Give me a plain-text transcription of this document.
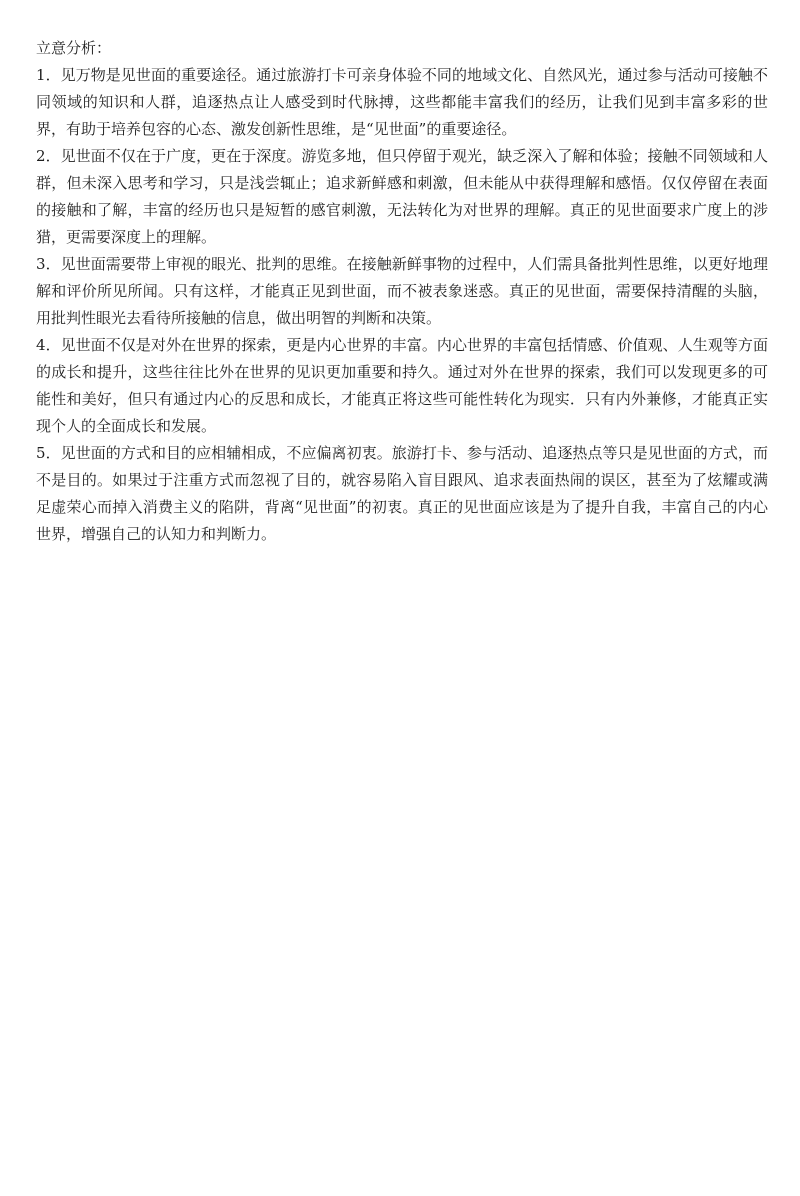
立意分析：

1．见万物是见世面的重要途径。通过旅游打卡可亲身体验不同的地域文化、自然风光，通过参与活动可接触不同领域的知识和人群，追逐热点让人感受到时代脉搏，这些都能丰富我们的经历，让我们见到丰富多彩的世界，有助于培养包容的心态、激发创新性思维，是“见世面”的重要途径。

2．见世面不仅在于广度，更在于深度。游览多地，但只停留于观光，缺乏深入了解和体验；接触不同领域和人群，但未深入思考和学习，只是浅尝辄止；追求新鲜感和刺激，但未能从中获得理解和感悟。仅仅停留在表面的接触和了解，丰富的经历也只是短暂的感官刺激，无法转化为对世界的理解。真正的见世面要求广度上的涉猎，更需要深度上的理解。

3．见世面需要带上审视的眼光、批判的思维。在接触新鲜事物的过程中，人们需具备批判性思维，以更好地理解和评价所见所闻。只有这样，才能真正见到世面，而不被表象迷惑。真正的见世面，需要保持清醒的头脑，用批判性眼光去看待所接触的信息，做出明智的判断和决策。

4．见世面不仅是对外在世界的探索，更是内心世界的丰富。内心世界的丰富包括情感、价值观、人生观等方面的成长和提升，这些往往比外在世界的见识更加重要和持久。通过对外在世界的探索，我们可以发现更多的可能性和美好，但只有通过内心的反思和成长，才能真正将这些可能性转化为现实．只有内外兼修，才能真正实现个人的全面成长和发展。

5．见世面的方式和目的应相辅相成，不应偏离初衷。旅游打卡、参与活动、追逐热点等只是见世面的方式，而不是目的。如果过于注重方式而忽视了目的，就容易陷入盲目跟风、追求表面热闹的误区，甚至为了炫耀或满足虚荣心而掉入消费主义的陷阱，背离“见世面”的初衷。真正的见世面应该是为了提升自我，丰富自己的内心世界，增强自己的认知力和判断力。
